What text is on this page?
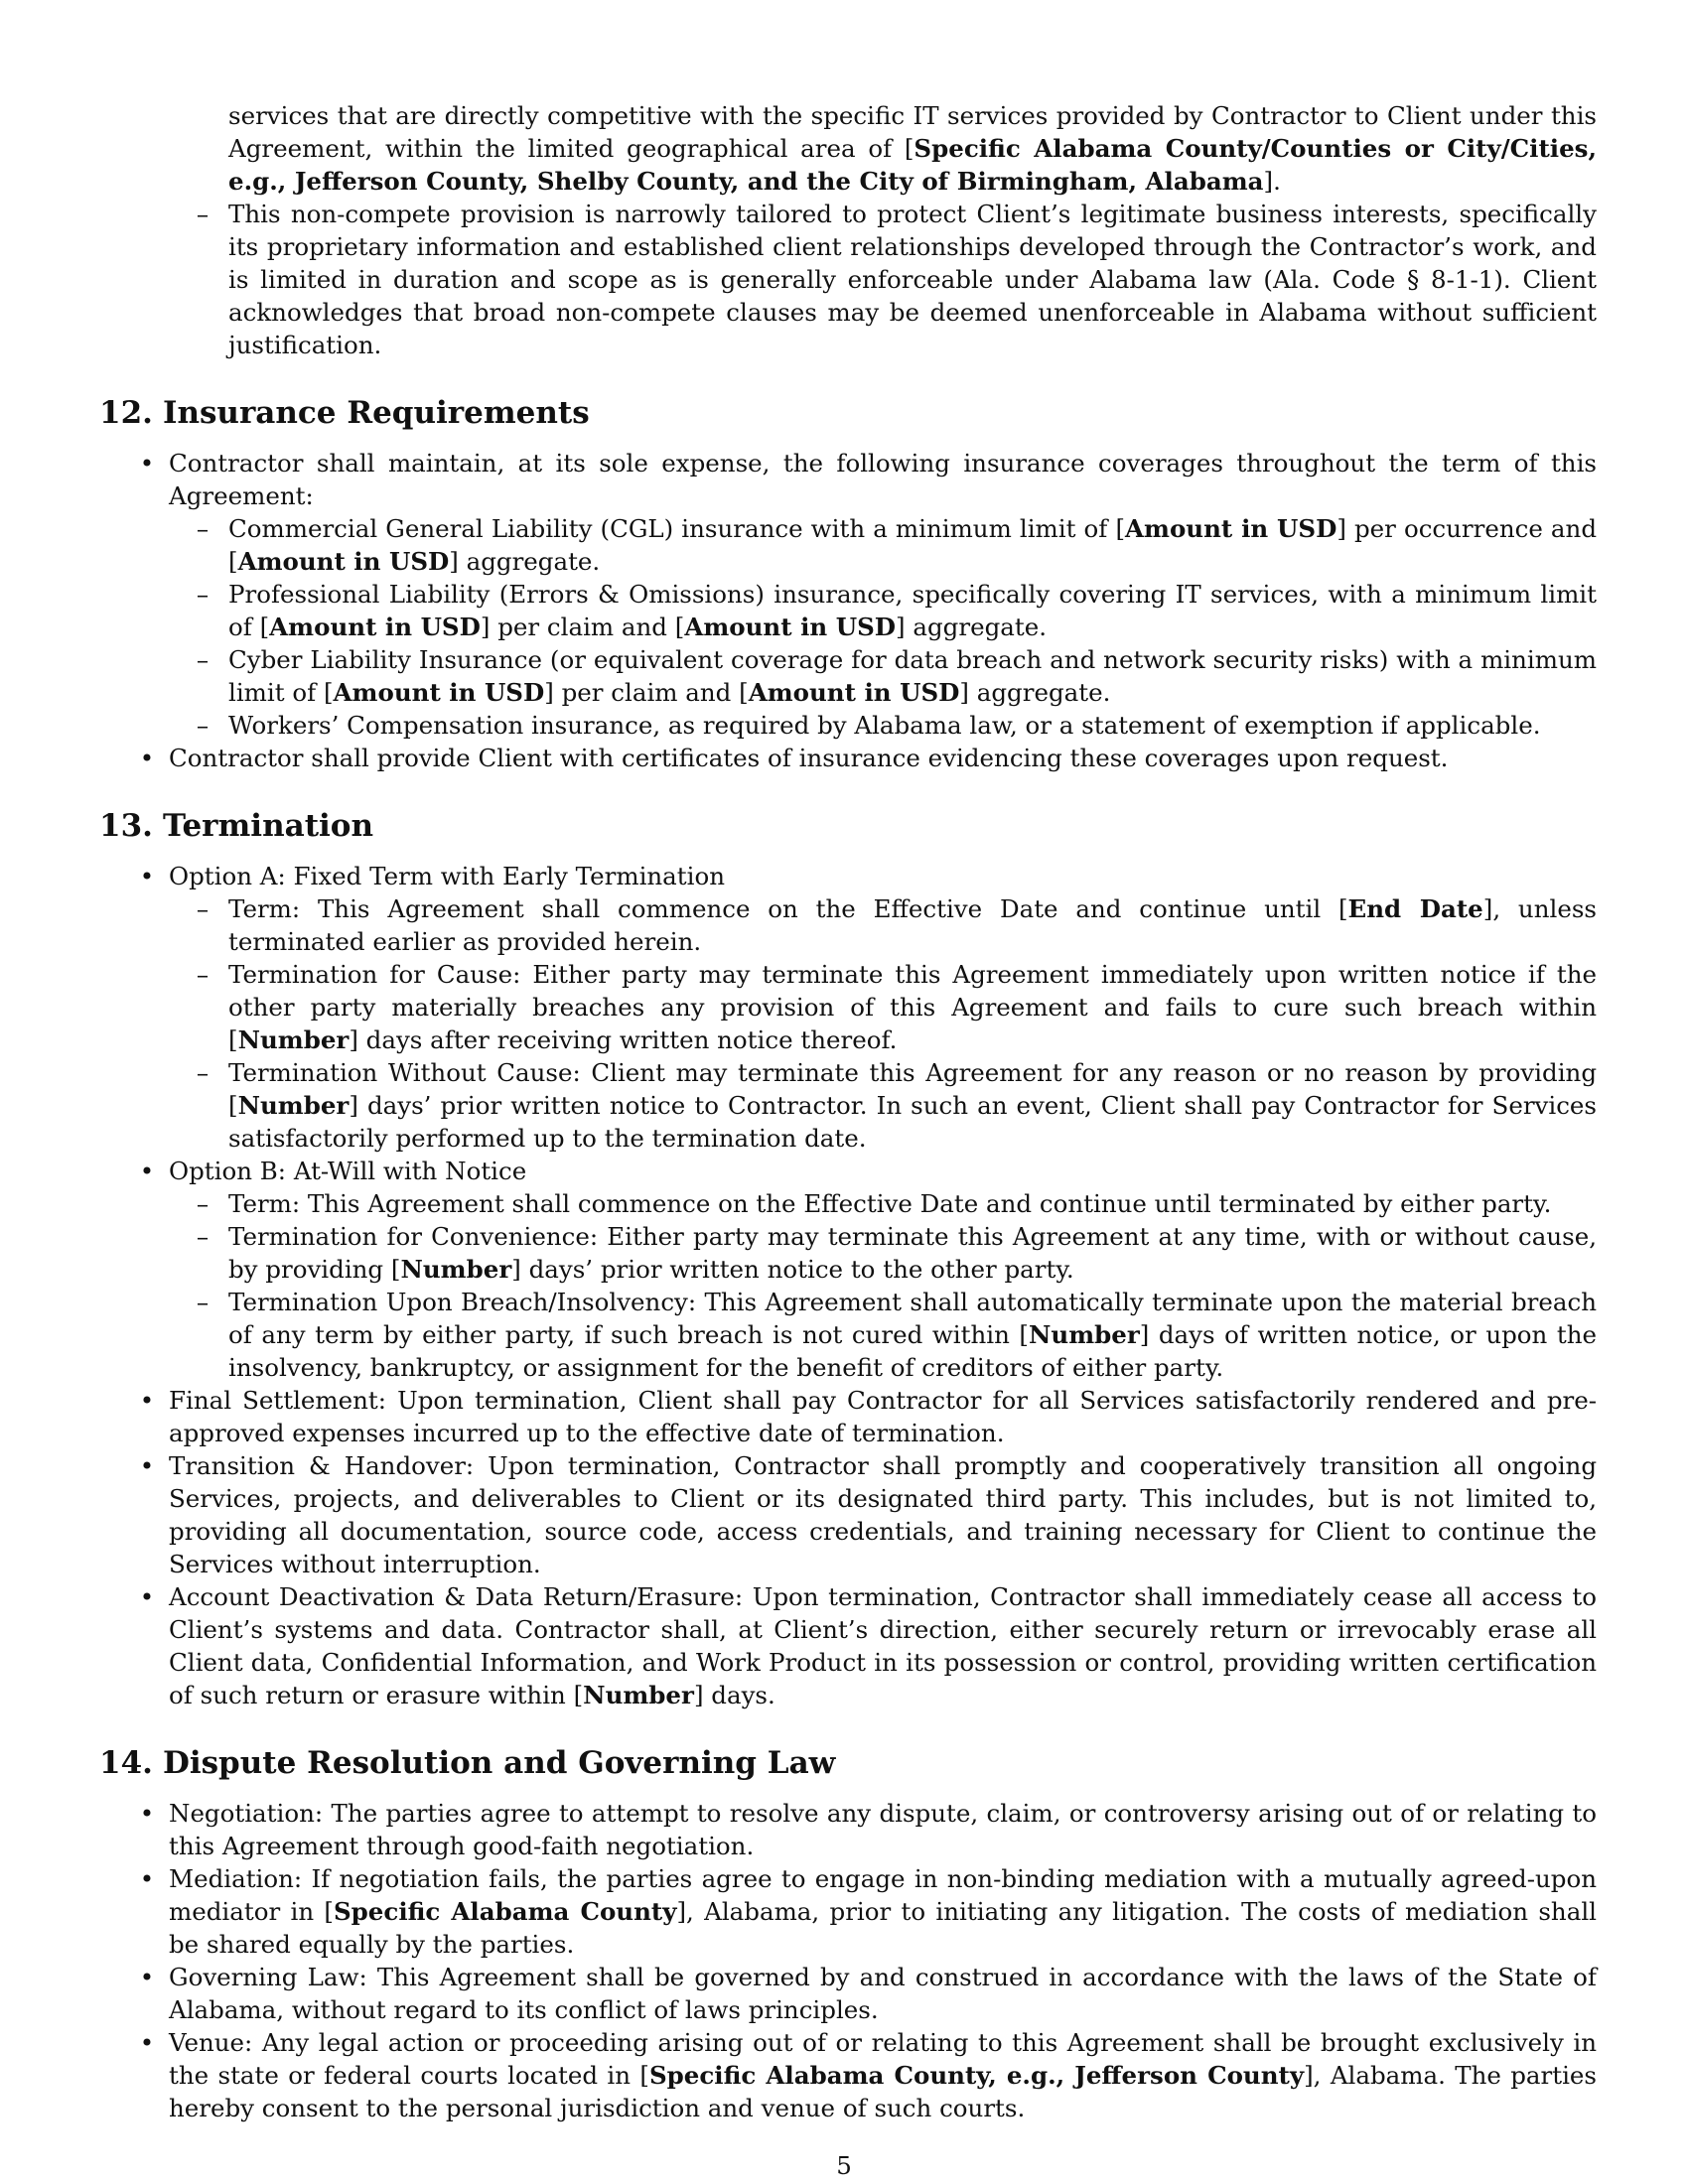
services that are directly competitive with the specific IT services provided by Contractor to Client under this Agreement, within the limited geographical area of [Specific Alabama County/Counties or City/Cities, e.g., Jefferson County, Shelby County, and the City of Birmingham, Alabama].

– This non-compete provision is narrowly tailored to protect Client’s legitimate business interests, specifically its proprietary information and established client relationships developed through the Contractor’s work, and is limited in duration and scope as is generally enforceable under Alabama law (Ala. Code § 8-1-1). Client acknowledges that broad non-compete clauses may be deemed unenforceable in Alabama without sufficient justification.

12. Insurance Requirements
• Contractor shall maintain, at its sole expense, the following insurance coverages throughout the term of this Agreement:
– Commercial General Liability (CGL) insurance with a minimum limit of [Amount in USD] per occurrence and [Amount in USD] aggregate.
– Professional Liability (Errors & Omissions) insurance, specifically covering IT services, with a minimum limit of [Amount in USD] per claim and [Amount in USD] aggregate.
– Cyber Liability Insurance (or equivalent coverage for data breach and network security risks) with a minimum limit of [Amount in USD] per claim and [Amount in USD] aggregate.
– Workers’ Compensation insurance, as required by Alabama law, or a statement of exemption if applicable.
• Contractor shall provide Client with certificates of insurance evidencing these coverages upon request.
13. Termination
• Option A: Fixed Term with Early Termination
– Term: This Agreement shall commence on the Effective Date and continue until [End Date], unless terminated earlier as provided herein.
– Termination for Cause: Either party may terminate this Agreement immediately upon written notice if the other party materially breaches any provision of this Agreement and fails to cure such breach within [Number] days after receiving written notice thereof.
– Termination Without Cause: Client may terminate this Agreement for any reason or no reason by providing [Number] days’ prior written notice to Contractor. In such an event, Client shall pay Contractor for Services satisfactorily performed up to the termination date.
• Option B: At-Will with Notice
– Term: This Agreement shall commence on the Effective Date and continue until terminated by either party.
– Termination for Convenience: Either party may terminate this Agreement at any time, with or without cause, by providing [Number] days’ prior written notice to the other party.
– Termination Upon Breach/Insolvency: This Agreement shall automatically terminate upon the material breach of any term by either party, if such breach is not cured within [Number] days of written notice, or upon the insolvency, bankruptcy, or assignment for the benefit of creditors of either party.
• Final Settlement: Upon termination, Client shall pay Contractor for all Services satisfactorily rendered and pre-approved expenses incurred up to the effective date of termination.
• Transition & Handover: Upon termination, Contractor shall promptly and cooperatively transition all ongoing Services, projects, and deliverables to Client or its designated third party. This includes, but is not limited to, providing all documentation, source code, access credentials, and training necessary for Client to continue the Services without interruption.
• Account Deactivation & Data Return/Erasure: Upon termination, Contractor shall immediately cease all access to Client’s systems and data. Contractor shall, at Client’s direction, either securely return or irrevocably erase all Client data, Confidential Information, and Work Product in its possession or control, providing written certification of such return or erasure within [Number] days.
14. Dispute Resolution and Governing Law
• Negotiation: The parties agree to attempt to resolve any dispute, claim, or controversy arising out of or relating to this Agreement through good-faith negotiation.
• Mediation: If negotiation fails, the parties agree to engage in non-binding mediation with a mutually agreed-upon mediator in [Specific Alabama County], Alabama, prior to initiating any litigation. The costs of mediation shall be shared equally by the parties.
• Governing Law: This Agreement shall be governed by and construed in accordance with the laws of the State of Alabama, without regard to its conflict of laws principles.
• Venue: Any legal action or proceeding arising out of or relating to this Agreement shall be brought exclusively in the state or federal courts located in [Specific Alabama County, e.g., Jefferson County], Alabama. The parties hereby consent to the personal jurisdiction and venue of such courts.
5
